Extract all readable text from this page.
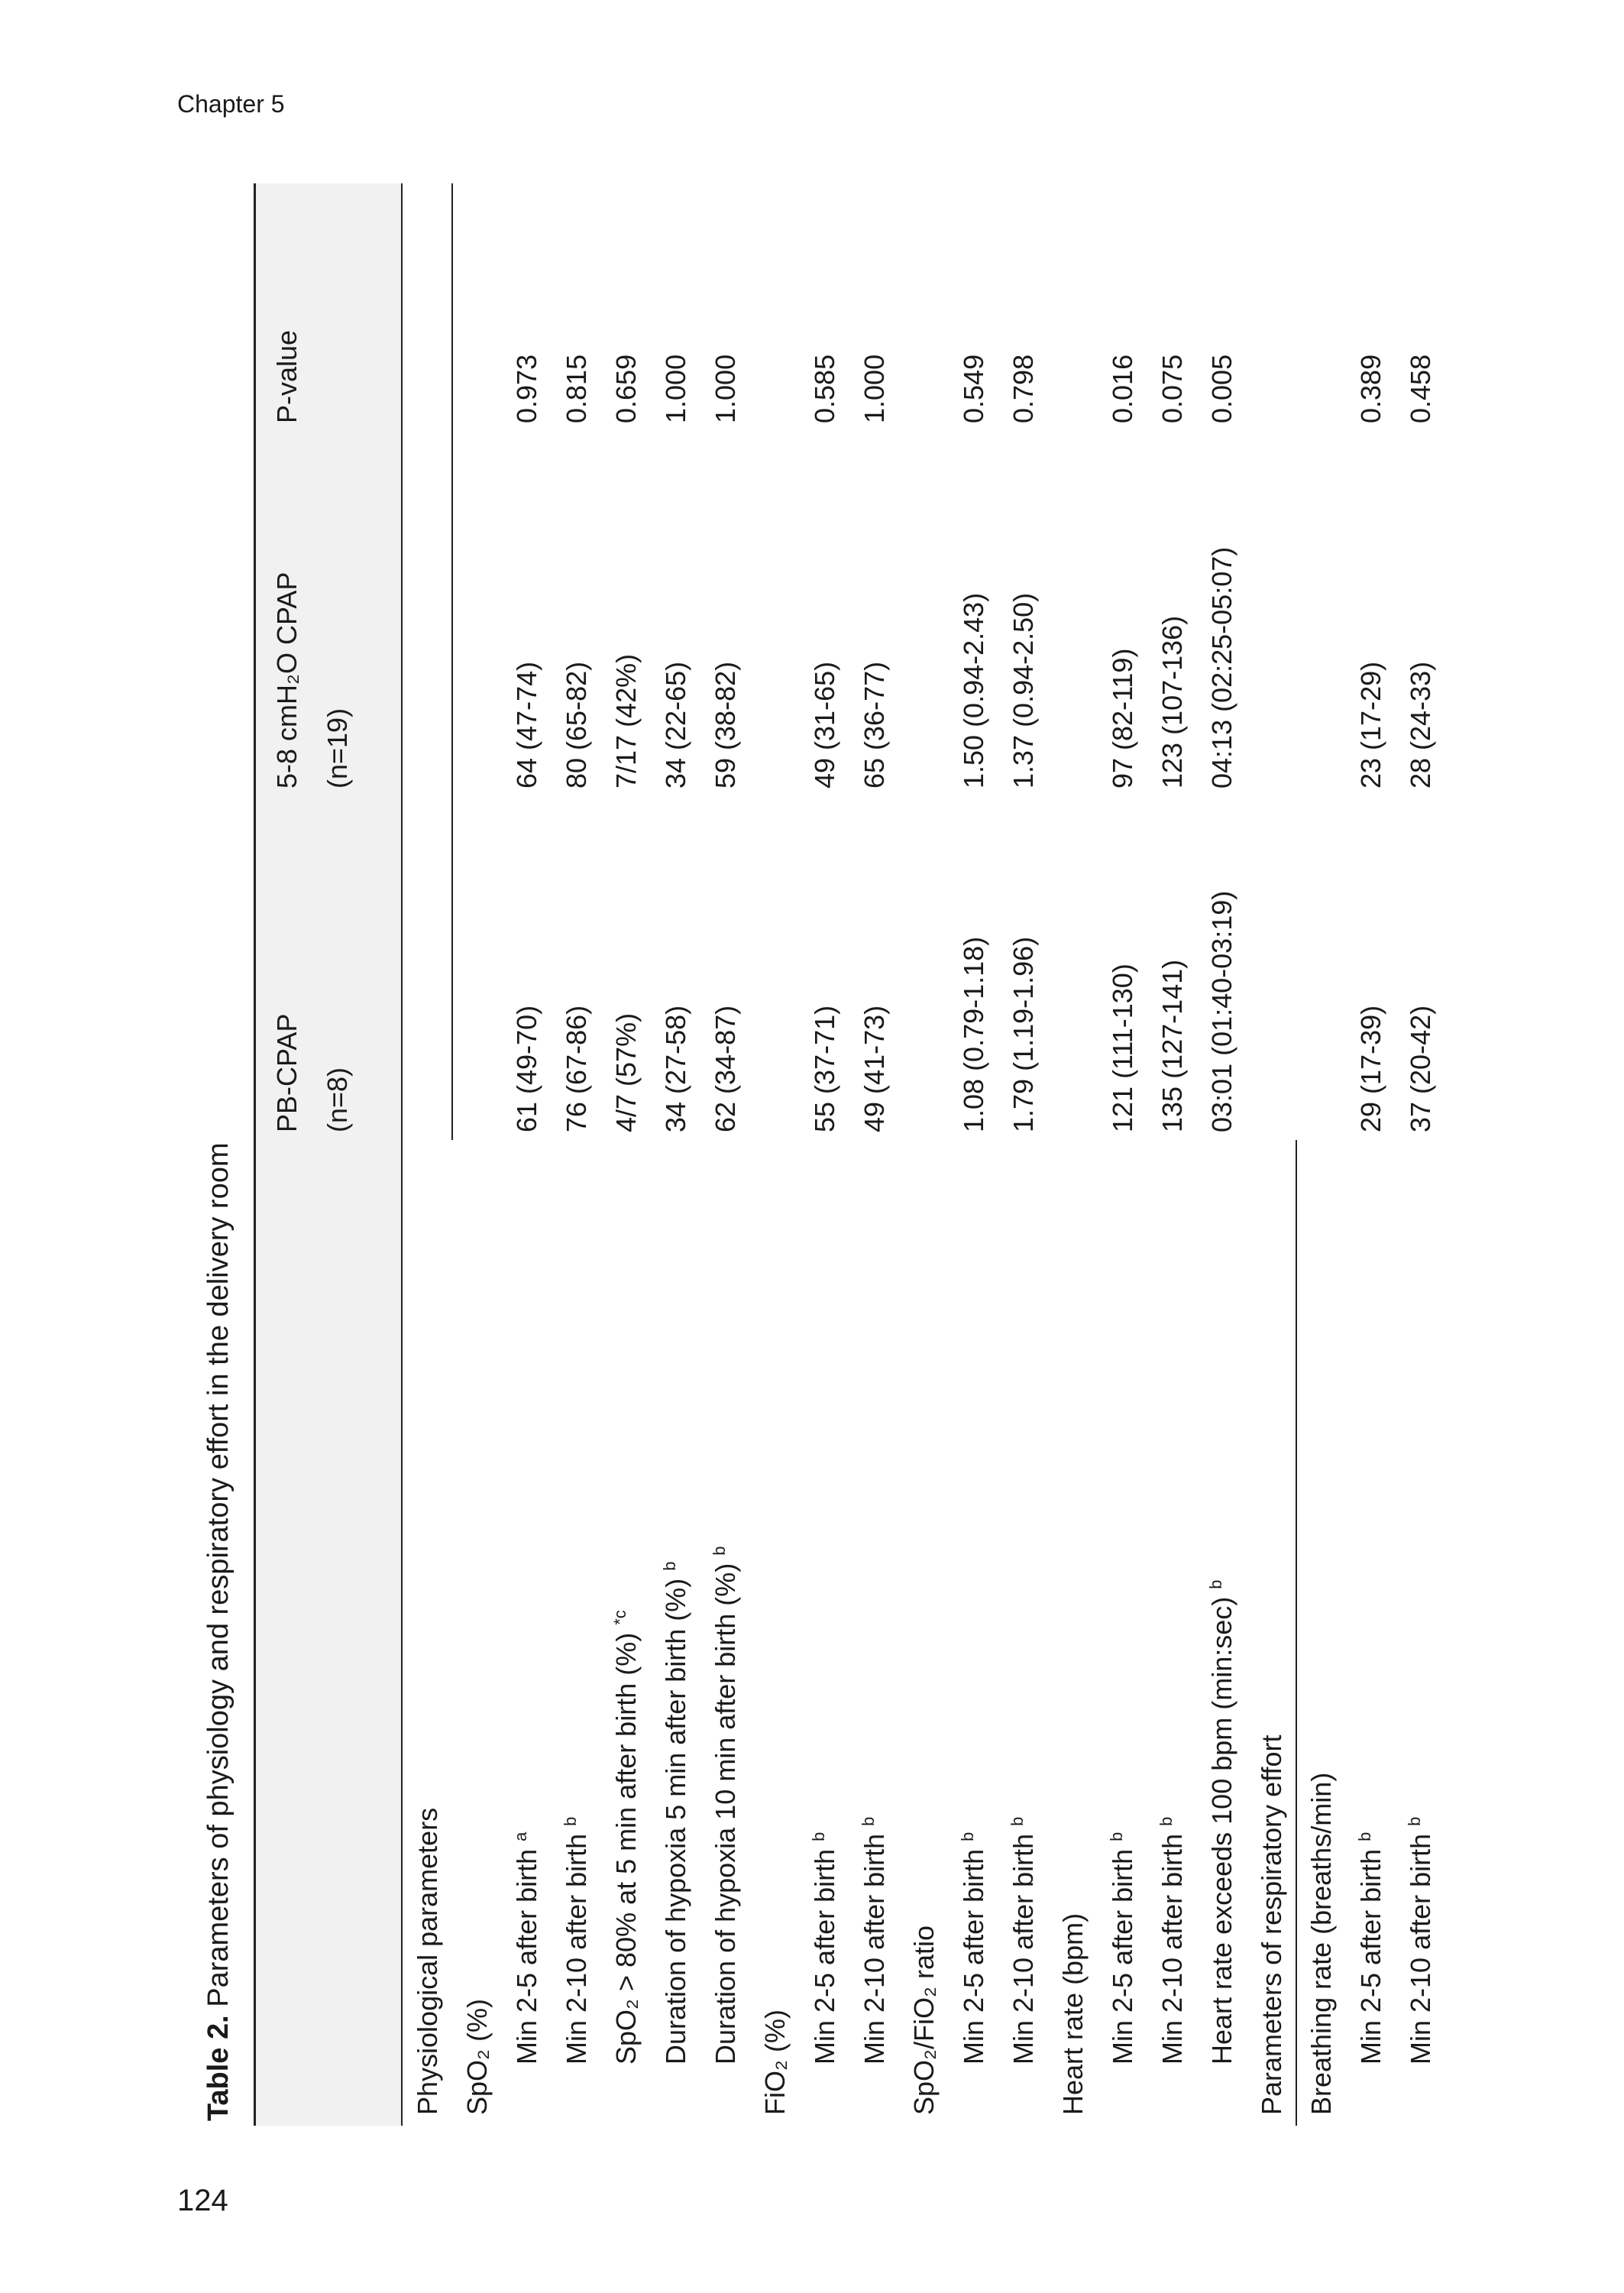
Chapter 5
124
Table 2. Parameters of physiology and respiratory effort in the delivery room
PB-CPAP (n=8)
5-8 cmH₂O CPAP (n=19)
P-value
Physiological parameters SpO₂ (%) Min 2-5 after birth $^a$
61 (49-70)
64 (47-74)
0.973
Min 2-10 after birth $^b$
76 (67-86)
80 (65-82)
0.815
SpO₂ > 80% at 5 min after birth (%) $^{*c}$
4/7 (57%)
7/17 (42%)
0.659
Duration of hypoxia 5 min after birth (%) $^b$
34 (27-58)
34 (22-65)
1.000
Duration of hypoxia 10 min after birth (%) $^b$
62 (34-87)
59 (38-82)
1.000
FiO₂ (%) Min 2-5 after birth $^b$
55 (37-71)
49 (31-65)
0.585
Min 2-10 after birth $^b$
49 (41-73)
65 (36-77)
1.000
SpO₂/FiO₂ ratio Min 2-5 after birth $^b$
1.08 (0.79-1.18)
1.50 (0.94-2.43)
0.549
Min 2-10 after birth $^b$
1.79 (1.19-1.96)
1.37 (0.94-2.50)
0.798
Heart rate (bpm) Min 2-5 after birth $^b$
121 (111-130)
97 (82-119)
0.016
Min 2-10 after birth $^b$
135 (127-141)
123 (107-136)
0.075
Heart rate exceeds 100 bpm (min:sec) $^b$
03:01 (01:40-03:19)
04:13 (02:25-05:07)
0.005
Parameters of respiratory effort Breathing rate (breaths/min) Min 2-5 after birth $^b$
29 (17-39)
23 (17-29)
0.389
Min 2-10 after birth $^b$
37 (20-42)
28 (24-33)
0.458
